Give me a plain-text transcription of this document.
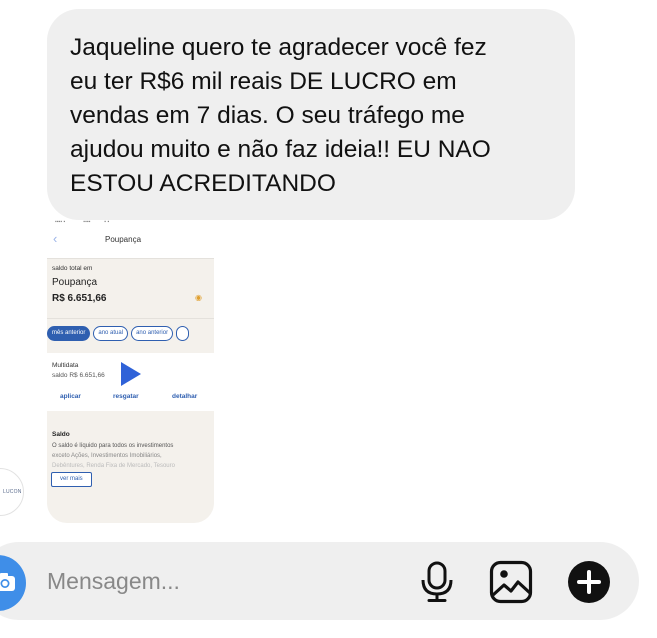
Jaqueline quero te agradecer você fez
eu ter R$6 mil reais DE LUCRO em
vendas em 7 dias. O seu tráfego me
ajudou muito e não faz ideia!! EU NAO
ESTOU ACREDITANDO
LUCON
▪▪▪▪ ▪             ▪▪▪▪          ▪ ▪
‹	Poupança
saldo total em
Poupança
R$ 6.651,66	◉
mês anterior ano atual ano anterior
Multidata
saldo R$ 6.651,66
aplicar	resgatar	detalhar
Saldo
O saldo é líquido para todos os investimentos
exceto Ações, Investimentos Imobiliários,
Debêntures, Renda Fixa de Mercado, Tesouro
ver mais
Mensagem...
